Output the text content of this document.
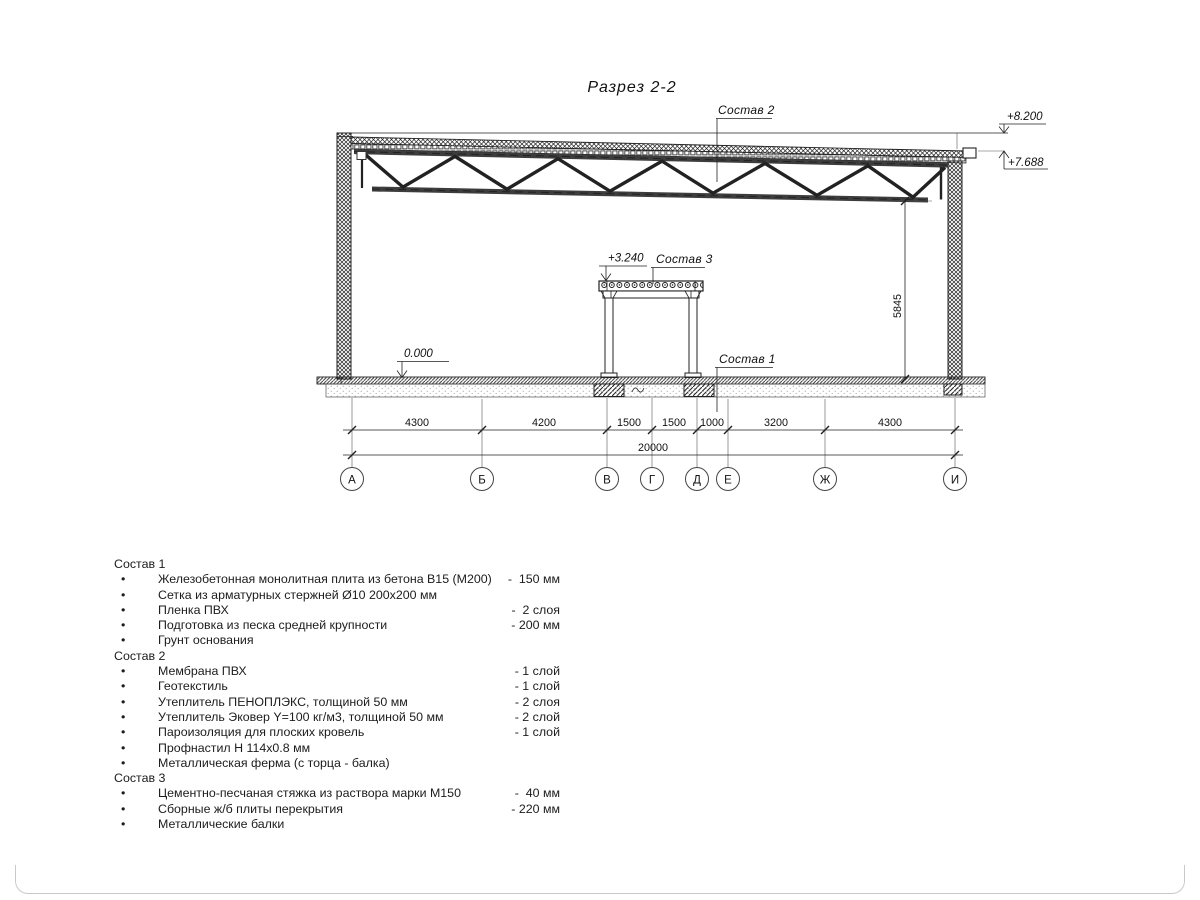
Состав 2
Состав 3
Состав 1
0.000
+3.240
+8.200
+7.688
5845
4300	4200	1500 1500 1000	3200	4300
20000
А	Б	В	Г	Д Е	Ж	И
Разрез 2-2
Состав 1
•	Железобетонная монолитная плита из бетона В15 (М200) -  150 мм
•	Сетка из арматурных стержней Ø10 200х200 мм
•	Пленка ПВХ	-  2 слоя
•	Подготовка из песка средней крупности	- 200 мм
•	Грунт основания
Состав 2
•	Мембрана ПВХ	- 1 слой
•	Геотекстиль	- 1 слой
•	Утеплитель ПЕНОПЛЭКС, толщиной 50 мм	- 2 слоя
•	Утеплитель Эковер Y=100 кг/м3, толщиной 50 мм	- 2 слой
•	Пароизоляция для плоских кровель	- 1 слой
•	Профнастил Н 114х0.8 мм
•	Металлическая ферма (с торца - балка)
Состав 3
•	Цементно-песчаная стяжка из раствора марки М150	-  40 мм
•	Сборные ж/б плиты перекрытия	- 220 мм
•	Металлические балки
